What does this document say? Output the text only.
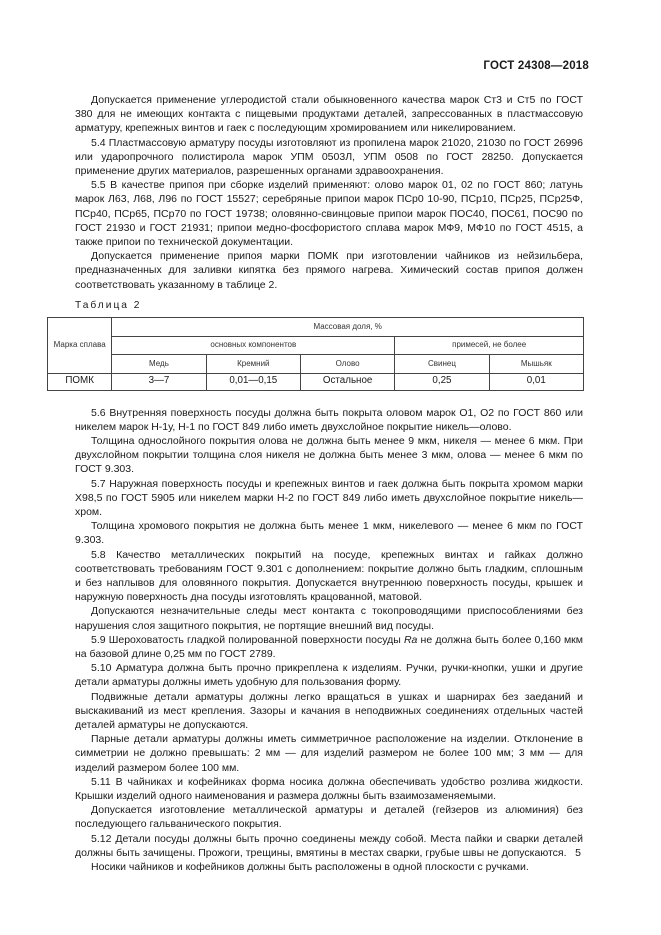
ГОСТ 24308—2018

Допускается применение углеродистой стали обыкновенного качества марок Ст3 и Ст5 по ГОСТ 380 для не имеющих контакта с пищевыми продуктами деталей, запрессованных в пластмассовую арматуру, крепежных винтов и гаек с последующим хромированием или никелированием.

5.4 Пластмассовую арматуру посуды изготовляют из пропилена марок 21020, 21030 по ГОСТ 26996 или ударопрочного полистирола марок УПМ 0503Л, УПМ 0508 по ГОСТ 28250. Допускается применение других материалов, разрешенных органами здравоохранения.

5.5 В качестве припоя при сборке изделий применяют: олово марок 01, 02 по ГОСТ 860; латунь марок Л63, Л68, Л96 по ГОСТ 15527; серебряные припои марок ПСр0 10-90, ПСр10, ПСр25, ПСр25Ф, ПСр40, ПСр65, ПСр70 по ГОСТ 19738; оловянно-свинцовые припои марок ПОС40, ПОС61, ПОС90 по ГОСТ 21930 и ГОСТ 21931; припои медно-фосфористого сплава марок МФ9, МФ10 по ГОСТ 4515, а также припои по технической документации.

Допускается применение припоя марки ПОМК при изготовлении чайников из нейзильбера, предназначенных для заливки кипятка без прямого нагрева. Химический состав припоя должен соответствовать указанному в таблице 2.

Таблица 2

Марка сплава	Массовая доля, %				
	основных компонентов			примесей, не более	
	Медь	Кремний	Олово	Свинец	Мышьяк
ПОМК	3—7	0,01—0,15	Остальное	0,25	0,01

5.6 Внутренняя поверхность посуды должна быть покрыта оловом марок О1, О2 по ГОСТ 860 или никелем марок Н-1у, Н-1 по ГОСТ 849 либо иметь двухслойное покрытие никель—олово.

Толщина однослойного покрытия олова не должна быть менее 9 мкм, никеля — менее 6 мкм. При двухслойном покрытии толщина слоя никеля не должна быть менее 3 мкм, олова — менее 6 мкм по ГОСТ 9.303.

5.7 Наружная поверхность посуды и крепежных винтов и гаек должна быть покрыта хромом марки X98,5 по ГОСТ 5905 или никелем марки Н-2 по ГОСТ 849 либо иметь двухслойное покрытие никель—хром.

Толщина хромового покрытия не должна быть менее 1 мкм, никелевого — менее 6 мкм по ГОСТ 9.303.

5.8 Качество металлических покрытий на посуде, крепежных винтах и гайках должно соответствовать требованиям ГОСТ 9.301 с дополнением: покрытие должно быть гладким, сплошным и без наплывов для оловянного покрытия. Допускается внутреннюю поверхность посуды, крышек и наружную поверхность дна посуды изготовлять крацованной, матовой.

Допускаются незначительные следы мест контакта с токопроводящими приспособлениями без нарушения слоя защитного покрытия, не портящие внешний вид посуды.

5.9 Шероховатость гладкой полированной поверхности посуды Ra не должна быть более 0,160 мкм на базовой длине 0,25 мм по ГОСТ 2789.

5.10 Арматура должна быть прочно прикреплена к изделиям. Ручки, ручки-кнопки, ушки и другие детали арматуры должны иметь удобную для пользования форму.

Подвижные детали арматуры должны легко вращаться в ушках и шарнирах без заеданий и выскакиваний из мест крепления. Зазоры и качания в неподвижных соединениях отдельных частей деталей арматуры не допускаются.

Парные детали арматуры должны иметь симметричное расположение на изделии. Отклонение в симметрии не должно превышать: 2 мм — для изделий размером не более 100 мм; 3 мм — для изделий размером более 100 мм.

5.11 В чайниках и кофейниках форма носика должна обеспечивать удобство розлива жидкости. Крышки изделий одного наименования и размера должны быть взаимозаменяемыми.

Допускается изготовление металлической арматуры и деталей (гейзеров из алюминия) без последующего гальванического покрытия.

5.12 Детали посуды должны быть прочно соединены между собой. Места пайки и сварки деталей должны быть зачищены. Прожоги, трещины, вмятины в местах сварки, грубые швы не допускаются.

Носики чайников и кофейников должны быть расположены в одной плоскости с ручками.

5
